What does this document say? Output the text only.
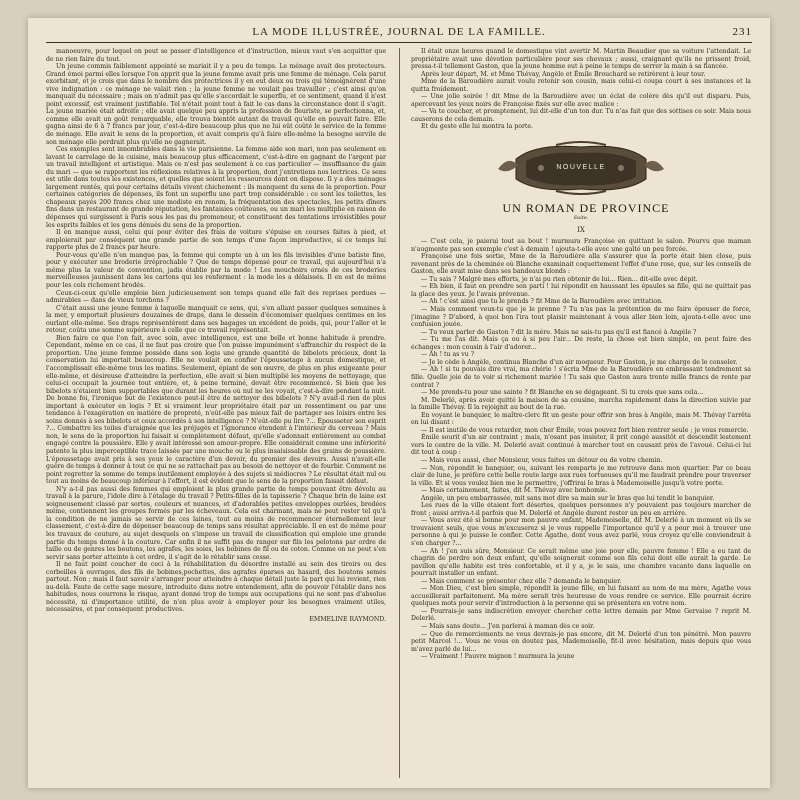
LA MODE ILLUSTRÉE, JOURNAL DE LA FAMILLE.	231

manoeuvre, pour lequel on peut se passer d'intelligence et d'instruction, mieux vaut s'en acquitter que de ne rien faire du tout.

Un jeune commis faiblement appointé se mariait il y a peu de temps. Le ménage avait des protecteurs. Grand émoi parmi elles lorsque l'on apprit que la jeune femme avait pris une femme de ménage. Cela parut exorbitant, et je crois que dans le nombre des protectrices il y en eut deux ou trois qui témoignèrent d'une vive indignation : ce ménage ne valait rien ; la jeune femme ne voulait pas travailler ; c'est ainsi qu'on manquait du nécessaire ; mais on n'admit pas qu'elle s'accordait le superflu, et ce sentiment, quand il n'est point excessif, est vraiment justifiable. Tel n'était point tout à fait le cas dans la circonstance dont il s'agit. La jeune mariée était adroite ; elle avait quelque peu appris la profession de fleuriste, se perfectionna, et, comme elle avait un goût remarquable, elle trouva bientôt autant de travail qu'elle en pouvait faire. Elle gagna ainsi de 6 à 7 francs par jour, c'est-à-dire beaucoup plus que ne lui eût coûté le service de la femme de ménage. Elle avait le sens de la proportion, et avait compris qu'à faire elle-même la besogne servile de son ménage elle perdrait plus qu'elle ne gagnerait.

Ces exemples sont innombrables dans la vie parisienne. La femme aide son mari, non pas seulement en lavant le carrelage de la cuisine, mais beaucoup plus efficacement, c'est-à-dire en gagnant de l'argent par un travail intelligent et artistique. Mais ce n'est pas seulement à ce cas particulier — insuffisance du gain du mari — que se rapportent les réflexions relatives à la proportion, dont j'entretiens nos lectrices. Ce sens est utile dans toutes les existences, et quelles que soient les ressources dont on dispose. Il y a des ménages largement rentés, qui pour certains détails vivent chichement : ils manquent du sens de la proportion. Pour certaines catégories de dépenses, ils font un superflu une part trop considérable : ce sont les toilettes, les chapeaux payés 200 francs chez une modiste en renom, la fréquentation des spectacles, les petits dîners fins dans un restaurant de grande réputation, les fantaisies coûteuses, ou un mari les multiplie en raison de dépenses qui surgissent à Paris sous les pas du promeneur, et constituent des tentations irrésistibles pour les esprits faibles et les gens dénués du sens de la proportion.

Il en manque aussi, celui qui pour éviter des frais de voiture s'épuise en courses faites à pied, et emploierait par conséquent une grande partie de son temps d'une façon improductive, si ce temps lui rapporte plus de 2 francs par heure.

Pour-vous qu'elle n'en manque pas, la femme qui compte un à un les fils invisibles d'une batiste fine, pour y exécuter une broderie irréprochable ? Que de temps dépensé pour ce travail, qui aujourd'hui n'a même plus la valeur de convention, jadis établie par la mode ! Les mouchoirs ornés de ces broderies merveilleuses jaunissent dans les cartons qui les renferment : la mode les a délaissés. Il en est de même pour les cols richement brodés.

Ceux-ci-ceux qu'elle emploie bien judicieusement son temps quand elle fait des reprises perdues — admirables — dans de vieux torchons ?

C'était aussi une jeune femme à laquelle manquait ce sens, qui, s'en allant passer quelques semaines à la mer, y emportait plusieurs douzaines de draps, dans le dessein d'économiser quelques centimes en les ourlant elle-même. Ses draps représentèrent dans ses bagages un excédent de poids, qui, pour l'aller et le retour, coûta une somme supérieure à celle que ce travail représentait.

Bien faire ce que l'on fait, avec soin, avec intelligence, est une belle et bonne habitude à prendre. Cependant, même en ce cas, il ne faut pas croire que l'on puisse impunément s'affranchir du respect de la proportion. Une jeune femme possède dans son logis une grande quantité de bibelots précieux, dont la conservation lui importait beaucoup. Elle ne voulait en confier l'époussetage à aucun domestique, et l'accomplissait elle-même tous les matins. Seulement, épiant de son œuvre, de plus en plus exigeante pour elle-même, et désireuse d'atteindre la perfection, elle avait si bien multiplié les moyens de nettoyage, que celui-ci occupait la journée tout entière, et, à peine terminé, devait être recommencé. Si bien que les bibelots n'étaient bien supportables que durant les heures où nul ne les voyait, c'est-à-dire pendant la nuit. De bonne foi, l'ironique but de l'existence peut-il être de nettoyer des bibelots ? N'y avait-il rien de plus important à exécuter en logis ? Et si vraiment leur propriétaire était par un ressentiment ou par une tendance à l'exagération en matière de propreté, n'eût-elle pas mieux fait de partager ses loisirs entre les soins donnés à ses bibelots et ceux accordés à son intelligence ? N'eût-elle pu lire ?... Épousseter son esprit ?... Combattre les toiles d'araignée que les préjugés et l'ignorance étendent à l'intérieur du cerveau ? Mais non, le sens de la proportion lui faisait si complètement défaut, qu'elle s'adonnait entièrement au combat engagé contre la poussière. Elle y avait intéressé son amour-propre. Elle considérait comme une infériorité patente la plus imperceptible trace laissée par une mouche ou le plus insaisissable des grains de poussière. L'époussetage avait pris à ses yeux le caractère d'un devoir, du premier des devoirs. Aussi n'avait-elle guère de temps à donner à tout ce qui ne se rattachait pas au besoin de nettoyer et de fourbir. Comment ne point regretter la somme de temps inutilement employée à des sujets si médiocres ? Le résultat était nul ou tout au moins de beaucoup inférieur à l'effort, il est évident que le sens de la proportion faisait défaut.

N'y a-t-il pas aussi des femmes qui emploient la plus grande partie de temps pouvant être dévolu au travail à la parure, l'idole dire à l'étalage du travail ? Petits-filles de la tapisserie ? Chaque brin de laine est soigneusement classé par sortes, couleurs et nuances, et d'adorables petites enveloppes ourlées, brodées même, contiennent les groupes formés par les écheveaux. Cela est charmant, mais ne peut rester tel qu'à la condition de ne jamais se servir de ces laines, tout au moins de recommencer éternellement leur classement, c'est-à-dire de dépenser beaucoup de temps sans résultat appréciable. Il en est de même pour les travaux de couture, au sujet desquels on s'impose un travail de classification qui emploie une grande partie du temps donné à la couture. Car enfin il ne suffit pas de ranger sur fils les pelotons par ordre de taille ou de genres les boutons, les agrafes, les soies, les bobines de fil ou de coton. Comme on ne peut s'en servir sans porter atteinte à cet ordre, il s'agit de le rétablir sans cesse.

Il ne faut point coucher de ceci à la réhabilitation du désordre installé au sein des tiroirs ou des corbeilles à ouvrages, des fils de bobines,pochettes, des agrafes éparses au hasard, des boutons semés partout. Non ; mais il faut savoir s'arranger pour atteindre à chaque détail juste la part qui lui revient, rien au-delà. Faute de cette sage mesure, introduite dans notre entendement, afin de pouvoir l'établir dans nos habitudes, nous courrons le risque, ayant donné trop de temps aux occupations qui ne sont pas d'absolue nécessité, ni d'importance utilité, de n'en plus avoir à employer pour les besognes vraiment utiles, nécessaires, et par conséquent productives.

EMMELINE RAYMOND.

Il était onze heures quand le domestique vint avertir M. Martin Beaudier que sa voiture l'attendait. Le propriétaire avait une dévotion particulière pour ses chevaux ; aussi, craignant qu'ils ne prissent froid, pressa-t-il tellement Gaston, que la jeune homme eut à peine le temps de serrer la main à sa fiancée.

Après leur départ, M. et Mme Thévay, Angèle et Émile Brouchard se retirèrent à leur tour.

Mme de la Baroudière aurait voulu retenir son cousin, mais celui-ci coupa court à ses instances et la quitta froidement.

— Une jolie soirée ! dit Mme de la Baroudière avec un éclat de colère dès qu'il eut disparu. Puis, apercevant les yeux noirs de Françoise fixés sur elle avec malice :

— Va te coucher, et promptement, lui dit-elle d'un ton dur. Tu n'as fait que des sottises ce soir. Mais nous causerons de cela demain.

Et du geste elle lui montra la porte.

NOUVELLE

UN ROMAN DE PROVINCE

Suite.

IX

— C'est cela, je paierai tout au bout ! murmura Françoise en quittant le salon. Pourvu que maman n'augmente pas son exemple c'est à demain ! ajouta-t-elle avec une gaîté un peu forcée.

Françoise une fois sortie, Mme de la Baroudière alla s'assurer que la porte était bien close, puis revenant près de la cheminée où Blanche examinait coquettement l'effet d'une rose, que, sur les conseils de Gaston, elle avait mise dans ses bandeaux blonds :

— Tu sais ? Malgré mes efforts, je n'ai pu rien obtenir de lui... Rien... dit-elle avec dépit.

— Eh bien, il faut en prendre son parti ! lui répondit en haussant les épaules sa fille, qui ne quittait pas la glace des yeux. Je l'avais prévenue.

— Ah ! c'est ainsi que tu le prends ? fit Mme de la Baroudière avec irritation.

— Mais comment veux-tu que je le prenne ? Tu n'as pas la prétention de me faire épouser de force, j'imagine ? D'abord, à quoi bon l'ira tout plaisir maintenant à vous aller bien loin, ajouta-t-elle avec une confusion jouée.

— Tu veux parler de Gaston ? dit la mère. Mais ne sais-tu pas qu'il est fiancé à Angèle ?

— Tu me l'as dit. Mais ça ou à si peu l'air... De reste, la chose est bien simple, on peut faire des échanges : mon cousin à l'air d'adorer...

— Ah ! tu as vu ?

— Je le cède à Angèle, continua Blanche d'un air moqueur. Pour Gaston, je me charge de le consoler.

— Ah ! si tu pouvais dire vrai, ma chérie ! s'écria Mme de la Baroudière en embrassant tendrement sa fille. Quelle joie de te voir si richement mariée ! Tu sais que Gaston aura trente mille francs de rente par contrat ?

— Me prends-tu pour une sainte ? fit Blanche en se dégageant. Si tu crois que sans cela...

M. Delerlé, après avoir quitté la maison de sa cousine, marcha rapidement dans la direction suivie par la famille Thévay. Il la rejoignit au bout de la rue.

En voyant le banquier, le maître-clerc fit un geste pour offrir son bras à Angèle, mais M. Thévay l'arrêta en lui disant :

— Il est inutile de vous retarder, mon cher Émile, vous pouvez fort bien rentrer seule ; je vous remercie.

Émile sourit d'un air contraint ; mais, n'osant pas insister, il prit congé aussitôt et descendit lestement vers le centre de la ville. M. Delerlé avait continué à marcher tout en causant près de l'avoué. Celui-ci lui dit tout à coup :

— Mais vous aussi, cher Monsieur, vous faites un détour ou de votre chemin.

— Non, répondit le banquier, ou, suivant les remparts je me retrouve dans mon quartier. Par ce beau clair de lune, je préfère cette belle route large aux rues tortueuses qu'il me faudrait prendre pour traverser la ville. Et si vous voulez bien me le permettre, j'offrirai le bras à Mademoiselle jusqu'à votre porte.

— Mais certainement, faites, dit M. Thévay avec bonhomie.

Angèle, un peu embarrassée, mit sans mot dire sa main sur le bras que lui tendit le banquier.

Les rues de la ville étaient fort désertes, quelques personnes n'y pouvaient pas toujours marcher de front ; aussi arriva-t-il parfois que M. Delerlé et Angèle durent rester un peu en arrière.

— Vous avez été si bonne pour mon pauvre enfant, Mademoiselle, dit M. Delerlé à un moment où ils se trouvaient seuls, que vous m'excuserez si je vous rappelle l'importance qu'il y a pour moi à trouver une personne à qui je puisse le confier. Cette Agathe, dont vous avez parlé, vous croyez qu'elle conviendrait à s'en charger ?...

— Ah ! j'en suis sûre, Monsieur. Ce serait même une joie pour elle, pauvre femme ! Elle a eu tant de chagrin de perdre son deux enfant, qu'elle soignerait comme son fils celui dont elle aurait la garde. Le pavillon qu'elle habite est très confortable, et il y a, je le sais, une chambre vacante dans laquelle on pourrait installer un enfant.

— Mais comment se présenter chez elle ? demanda le banquier.

— Mon Dieu, c'est bien simple, répondit la jeune fille, en lui faisant au nom de ma mère, Agathe vous accueillerait parfaitement. Ma mère serait très heureuse de vous rendre ce service. Elle pourrait écrire quelques mots pour servir d'introduction à la personne qui se présentera en votre nom.

— Pourrais-je sans indiscrétion envoyer chercher cette lettre demain par Mme Gervaise ? reprit M. Delerlé.

— Mais sans doute... J'en parlerai à maman dès ce soir.

— Que de remerciements ne vous devrais-je pas encore, dit M. Delerlé d'un ton pénétré. Mon pauvre petit Marcel !... Vous ne vous en doutez pas, Mademoiselle, fit-il avec hésitation, mais depuis que vous m'avez parlé de lui...

— Vraiment ! Pauvre mignon ! murmura la jeune
